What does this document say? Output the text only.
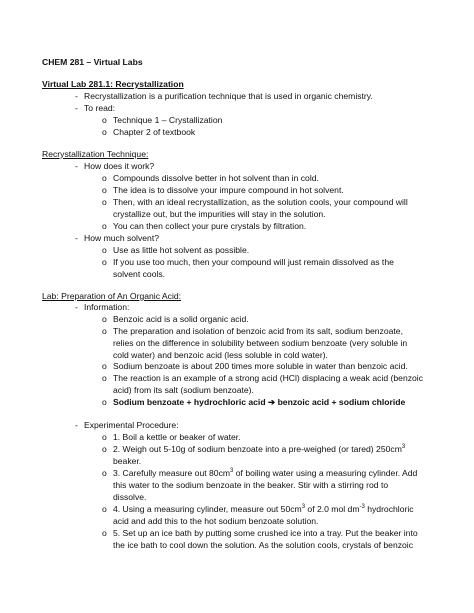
CHEM 281 – Virtual Labs
Virtual Lab 281.1: Recrystallization
- Recrystallization is a purification technique that is used in organic chemistry.
- To read:
o Technique 1 – Crystallization
o Chapter 2 of textbook
Recrystallization Technique:
- How does it work?
o Compounds dissolve better in hot solvent than in cold.
o The idea is to dissolve your impure compound in hot solvent.
o Then, with an ideal recrystallization, as the solution cools, your compound will
crystallize out, but the impurities will stay in the solution.
o You can then collect your pure crystals by filtration.
- How much solvent?
o Use as little hot solvent as possible.
o If you use too much, then your compound will just remain dissolved as the
solvent cools.
Lab: Preparation of An Organic Acid:
- Information:
o Benzoic acid is a solid organic acid.
o The preparation and isolation of benzoic acid from its salt, sodium benzoate,
relies on the difference in solubility between sodium benzoate (very soluble in
cold water) and benzoic acid (less soluble in cold water).
o Sodium benzoate is about 200 times more soluble in water than benzoic acid.
o The reaction is an example of a strong acid (HCl) displacing a weak acid (benzoic
acid) from its salt (sodium benzoate).
o Sodium benzoate + hydrochloric acid ➔ benzoic acid + sodium chloride
- Experimental Procedure:
o 1. Boil a kettle or beaker of water.
o 2. Weigh out 5-10g of sodium benzoate into a pre-weighed (or tared) $250cm^3$
beaker.
o 3. Carefully measure out $80cm^3$ of boiling water using a measuring cylinder. Add
this water to the sodium benzoate in the beaker. Stir with a stirring rod to
dissolve.
o 4. Using a measuring cylinder, measure out $50cm^3$ of 2.0 mol $dm^{-3}$ hydrochloric
acid and add this to the hot sodium benzoate solution.
o 5. Set up an ice bath by putting some crushed ice into a tray. Put the beaker into
the ice bath to cool down the solution. As the solution cools, crystals of benzoic
